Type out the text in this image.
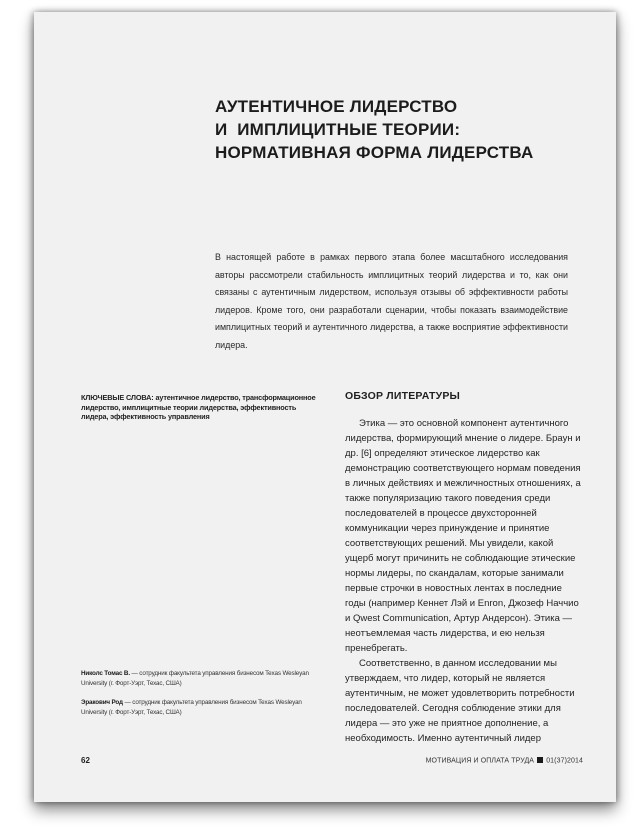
АУТЕНТИЧНОЕ ЛИДЕРСТВО
И  ИМПЛИЦИТНЫЕ ТЕОРИИ:
НОРМАТИВНАЯ ФОРМА ЛИДЕРСТВА

В настоящей работе в рамках первого этапа более масштабного исследования авторы рассмотрели стабильность имплицитных теорий лидерства и то, как они связаны с аутентичным лидерством, используя отзывы об эффективности работы лидеров. Кроме того, они разработали сценарии, чтобы показать взаимодействие имплицитных теорий и аутентичного лидерства, а также восприятие эффективности лидера.

КЛЮЧЕВЫЕ СЛОВА: аутентичное лидерство, трансформационное лидерство, имплицитные теории лидерства, эффективность лидера, эффективность управления

ОБЗОР ЛИТЕРАТУРЫ

Этика — это основной компонент аутентичного лидерства, формирующий мнение о лидере. Браун и др. [6] определяют этическое лидерство как демонстрацию соответствующего нормам поведения в личных действиях и межличностных отношениях, а также популяризацию такого поведения среди последователей в процессе двухсторонней коммуникации через принуждение и принятие соответствующих решений. Мы увидели, какой ущерб могут причинить не соблюдающие этические нормы лидеры, по скандалам, которые занимали первые строчки в новостных лентах в последние годы (например Кеннет Лэй и Enron, Джозеф Наччио и Qwest Communication, Артур Андерсон). Этика — неотъемлемая часть лидерства, и ею нельзя пренебрегать.

Соответственно, в данном исследовании мы утверждаем, что лидер, который не является аутентичным, не может удовлетворить потребности последователей. Сегодня соблюдение этики для лидера — это уже не приятное дополнение, а необходимость. Именно аутентичный лидер

Николс Томас В. — сотрудник факультета управления бизнесом Texas Wesleyan University (г. Форт-Уэрт, Техас, США)

Эракович Род — сотрудник факультета управления бизнесом Texas Wesleyan University (г. Форт-Уэрт, Техас, США)

62	МОТИВАЦИЯ И ОПЛАТА ТРУДА 01(37)2014
